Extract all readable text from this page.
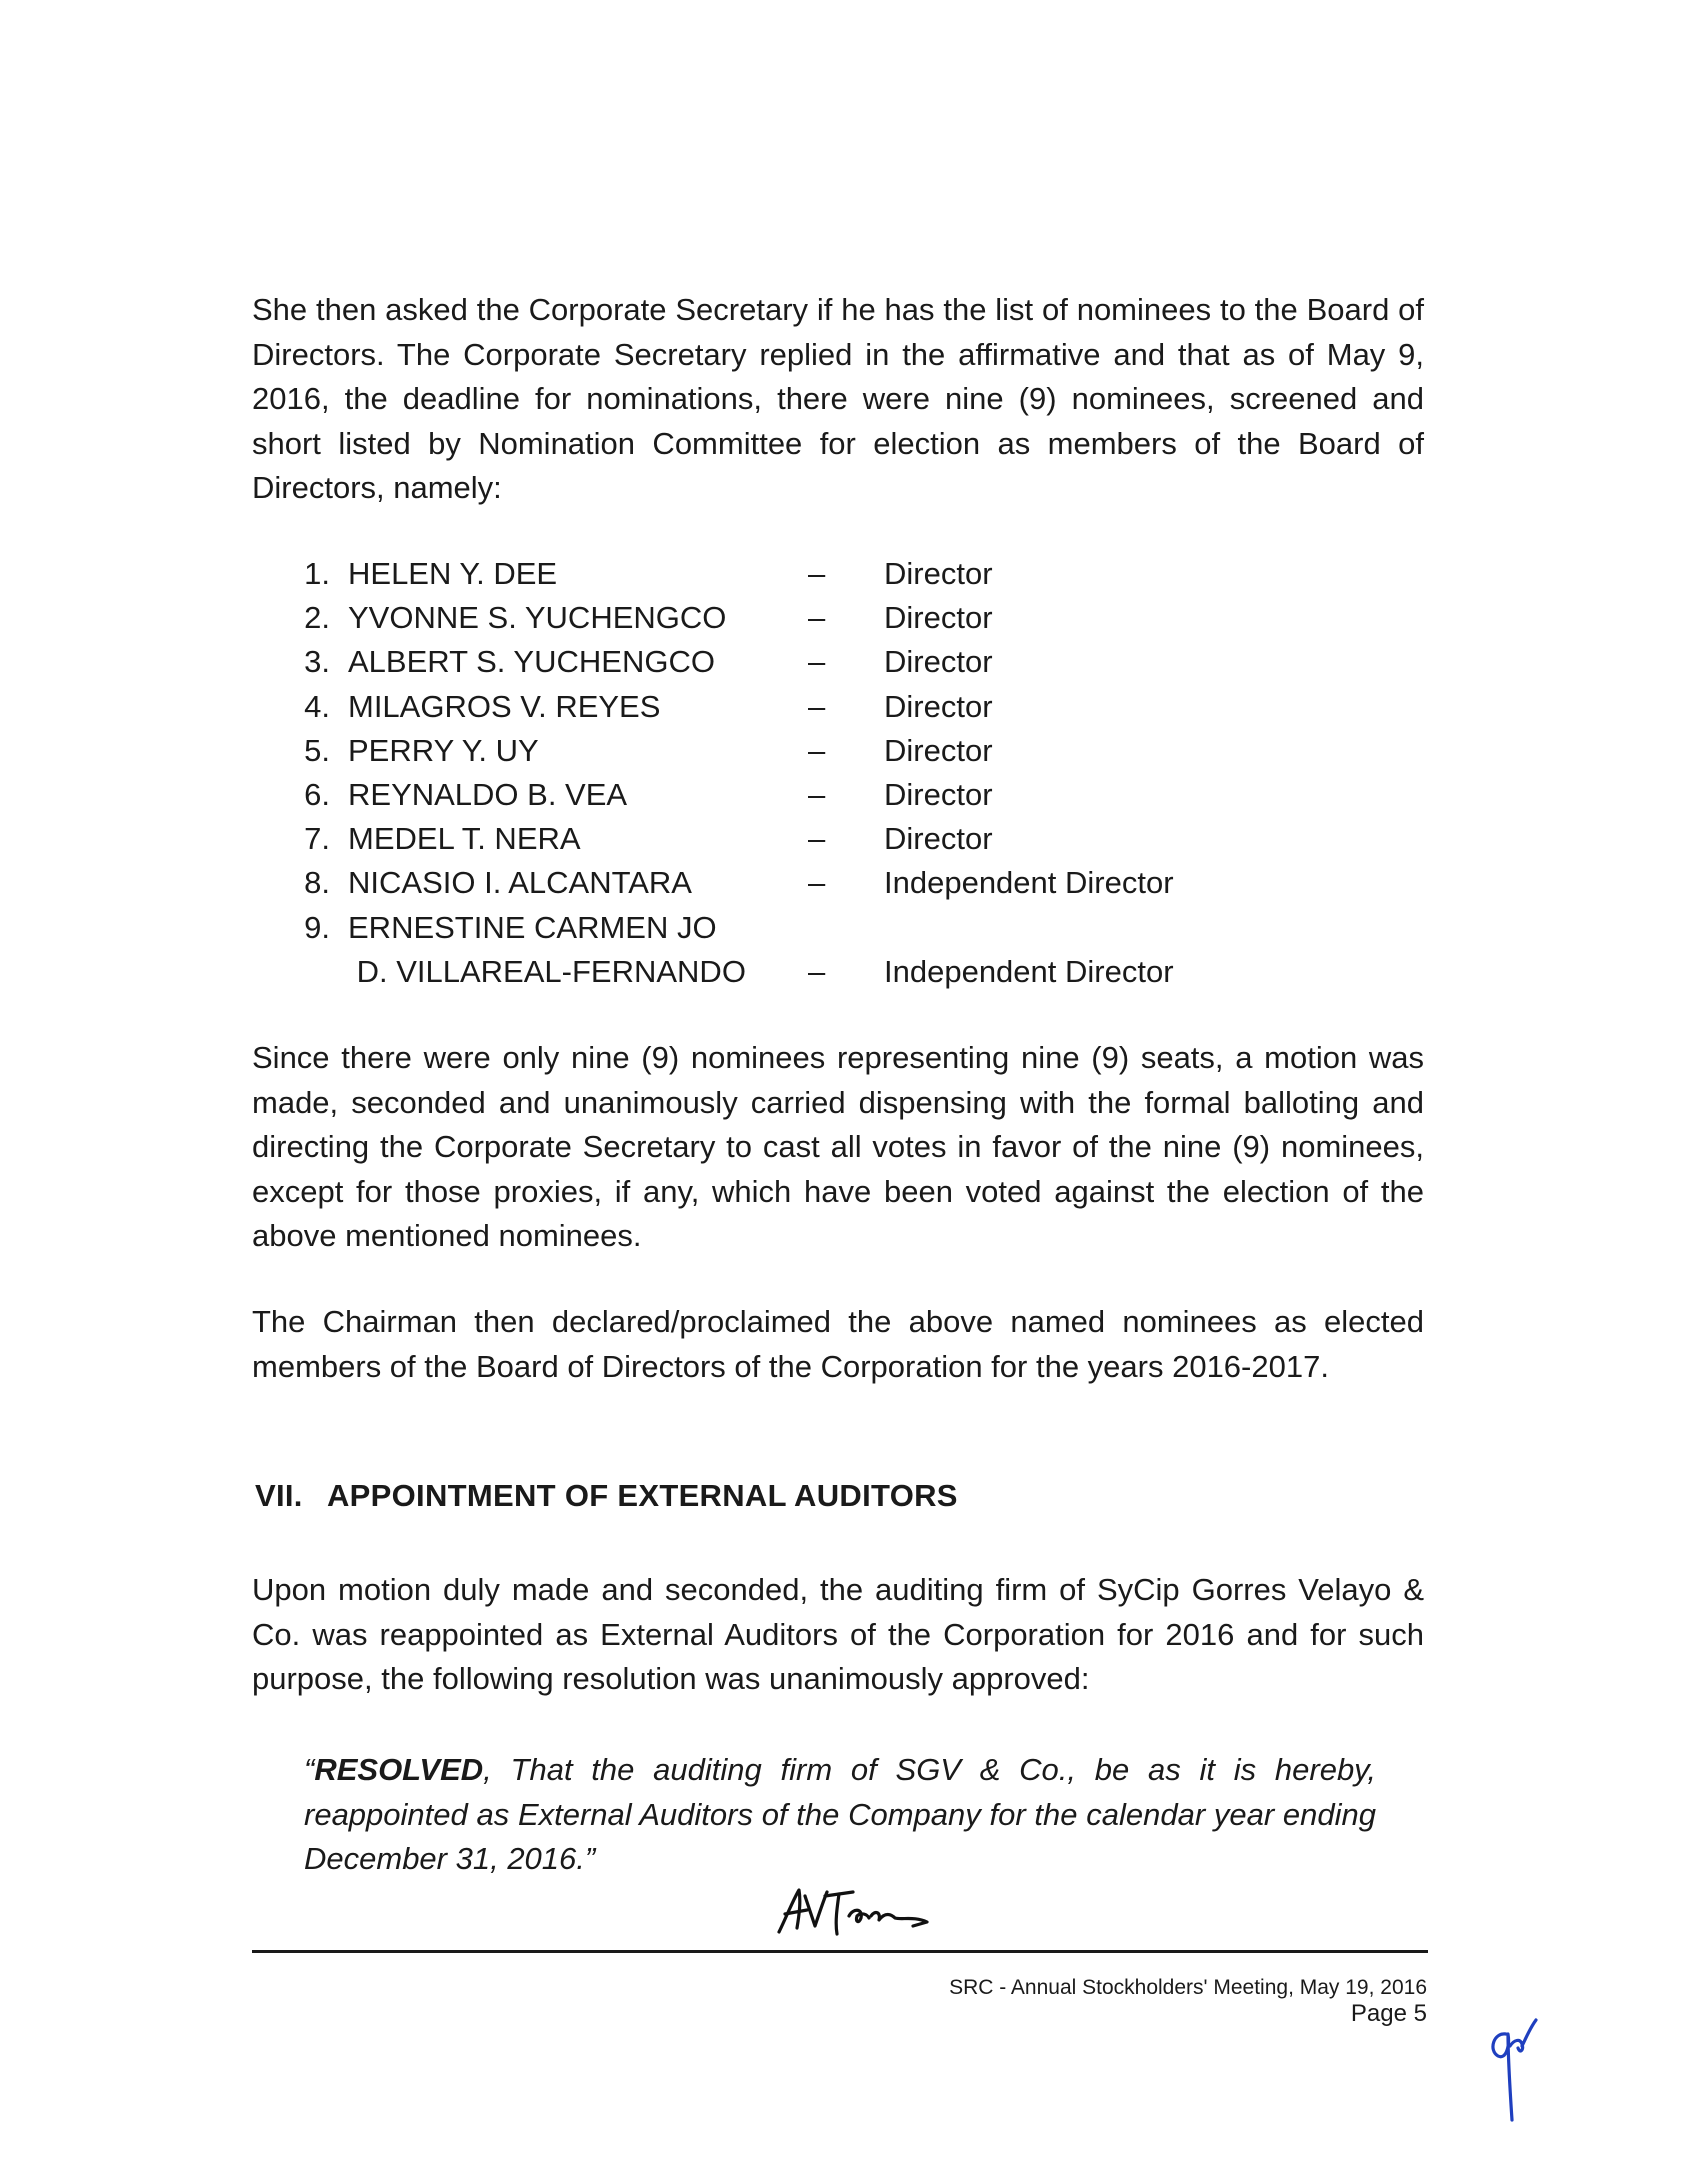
She then asked the Corporate Secretary if he has the list of nominees to the Board of Directors. The Corporate Secretary replied in the affirmative and that as of May 9, 2016, the deadline for nominations, there were nine (9) nominees, screened and short listed by Nomination Committee for election as members of the Board of Directors, namely:

1. HELEN Y. DEE	– Director
2. YVONNE S. YUCHENGCO	– Director
3. ALBERT S. YUCHENGCO	– Director
4. MILAGROS V. REYES	– Director
5. PERRY Y. UY	– Director
6. REYNALDO B. VEA	– Director
7. MEDEL T. NERA	– Director
8. NICASIO I. ALCANTARA	– Independent Director
9. ERNESTINE CARMEN JO
D. VILLAREAL-FERNANDO – Independent Director

Since there were only nine (9) nominees representing nine (9) seats, a motion was made, seconded and unanimously carried dispensing with the formal balloting and directing the Corporate Secretary to cast all votes in favor of the nine (9) nominees, except for those proxies, if any, which have been voted against the election of the above mentioned nominees.

The Chairman then declared/proclaimed the above named nominees as elected members of the Board of Directors of the Corporation for the years 2016-2017.

VII. APPOINTMENT OF EXTERNAL AUDITORS

Upon motion duly made and seconded, the auditing firm of SyCip Gorres Velayo & Co. was reappointed as External Auditors of the Corporation for 2016 and for such purpose, the following resolution was unanimously approved:

“RESOLVED, That the auditing firm of SGV & Co., be as it is hereby, reappointed as External Auditors of the Company for the calendar year ending December 31, 2016.”

SRC - Annual Stockholders' Meeting, May 19, 2016
Page 5
